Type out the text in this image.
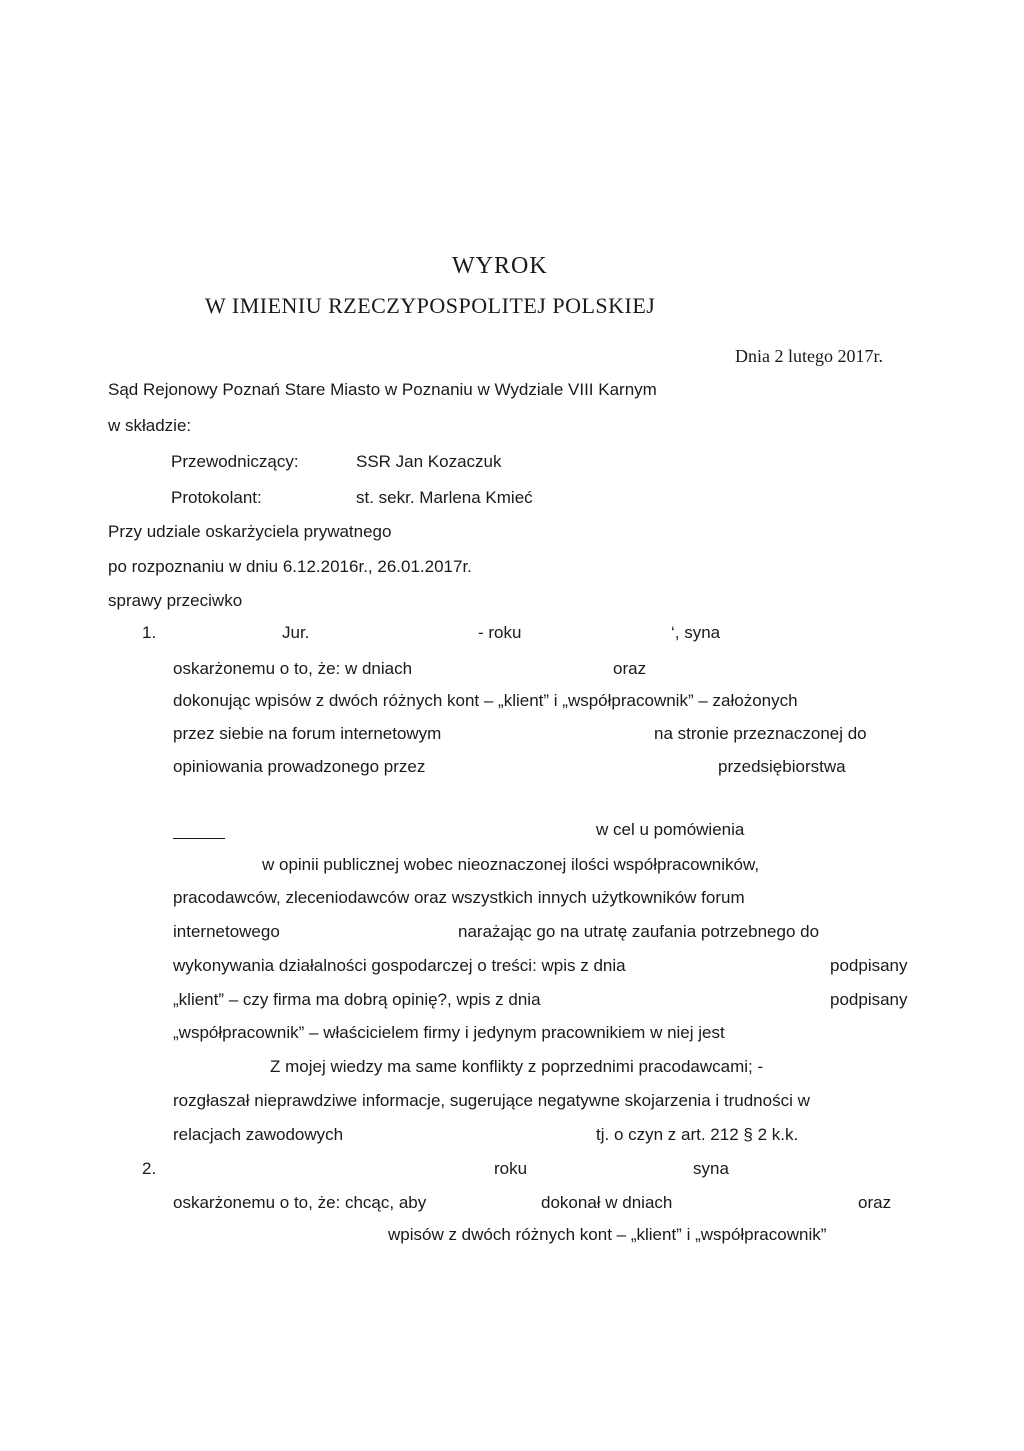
WYROK
W IMIENIU RZECZYPOSPOLITEJ POLSKIEJ
Dnia 2 lutego 2017r.
Sąd Rejonowy Poznań Stare Miasto w Poznaniu w Wydziale VIII Karnym
w składzie:
Przewodniczący:	SSR Jan Kozaczuk
Protokolant:	st. sekr. Marlena Kmieć
Przy udziale oskarżyciela prywatnego
po rozpoznaniu w dniu 6.12.2016r., 26.01.2017r.
sprawy przeciwko
1.	Jur.	- roku	‘, syna
oskarżonemu o to, że: w dniach	oraz
dokonując wpisów z dwóch różnych kont – „klient” i „współpracownik” – założonych
przez siebie na forum internetowym	na stronie przeznaczonej do
opiniowania prowadzonego przez	przedsiębiorstwa
w cel u pomówienia
w opinii publicznej wobec nieoznaczonej ilości współpracowników,
pracodawców, zleceniodawców oraz wszystkich innych użytkowników forum
internetowego	narażając go na utratę zaufania potrzebnego do
wykonywania działalności gospodarczej o treści: wpis z dnia	podpisany
„klient” – czy firma ma dobrą opinię?, wpis z dnia	podpisany
„współpracownik” – właścicielem firmy i jedynym pracownikiem w niej jest
Z mojej wiedzy ma same konflikty z poprzednimi pracodawcami; -
rozgłaszał nieprawdziwe informacje, sugerujące negatywne skojarzenia i trudności w
relacjach zawodowych	tj. o czyn z art. 212 § 2 k.k.
2.	roku	syna
oskarżonemu o to, że: chcąc, aby	dokonał w dniach	oraz
wpisów z dwóch różnych kont – „klient” i „współpracownik”
